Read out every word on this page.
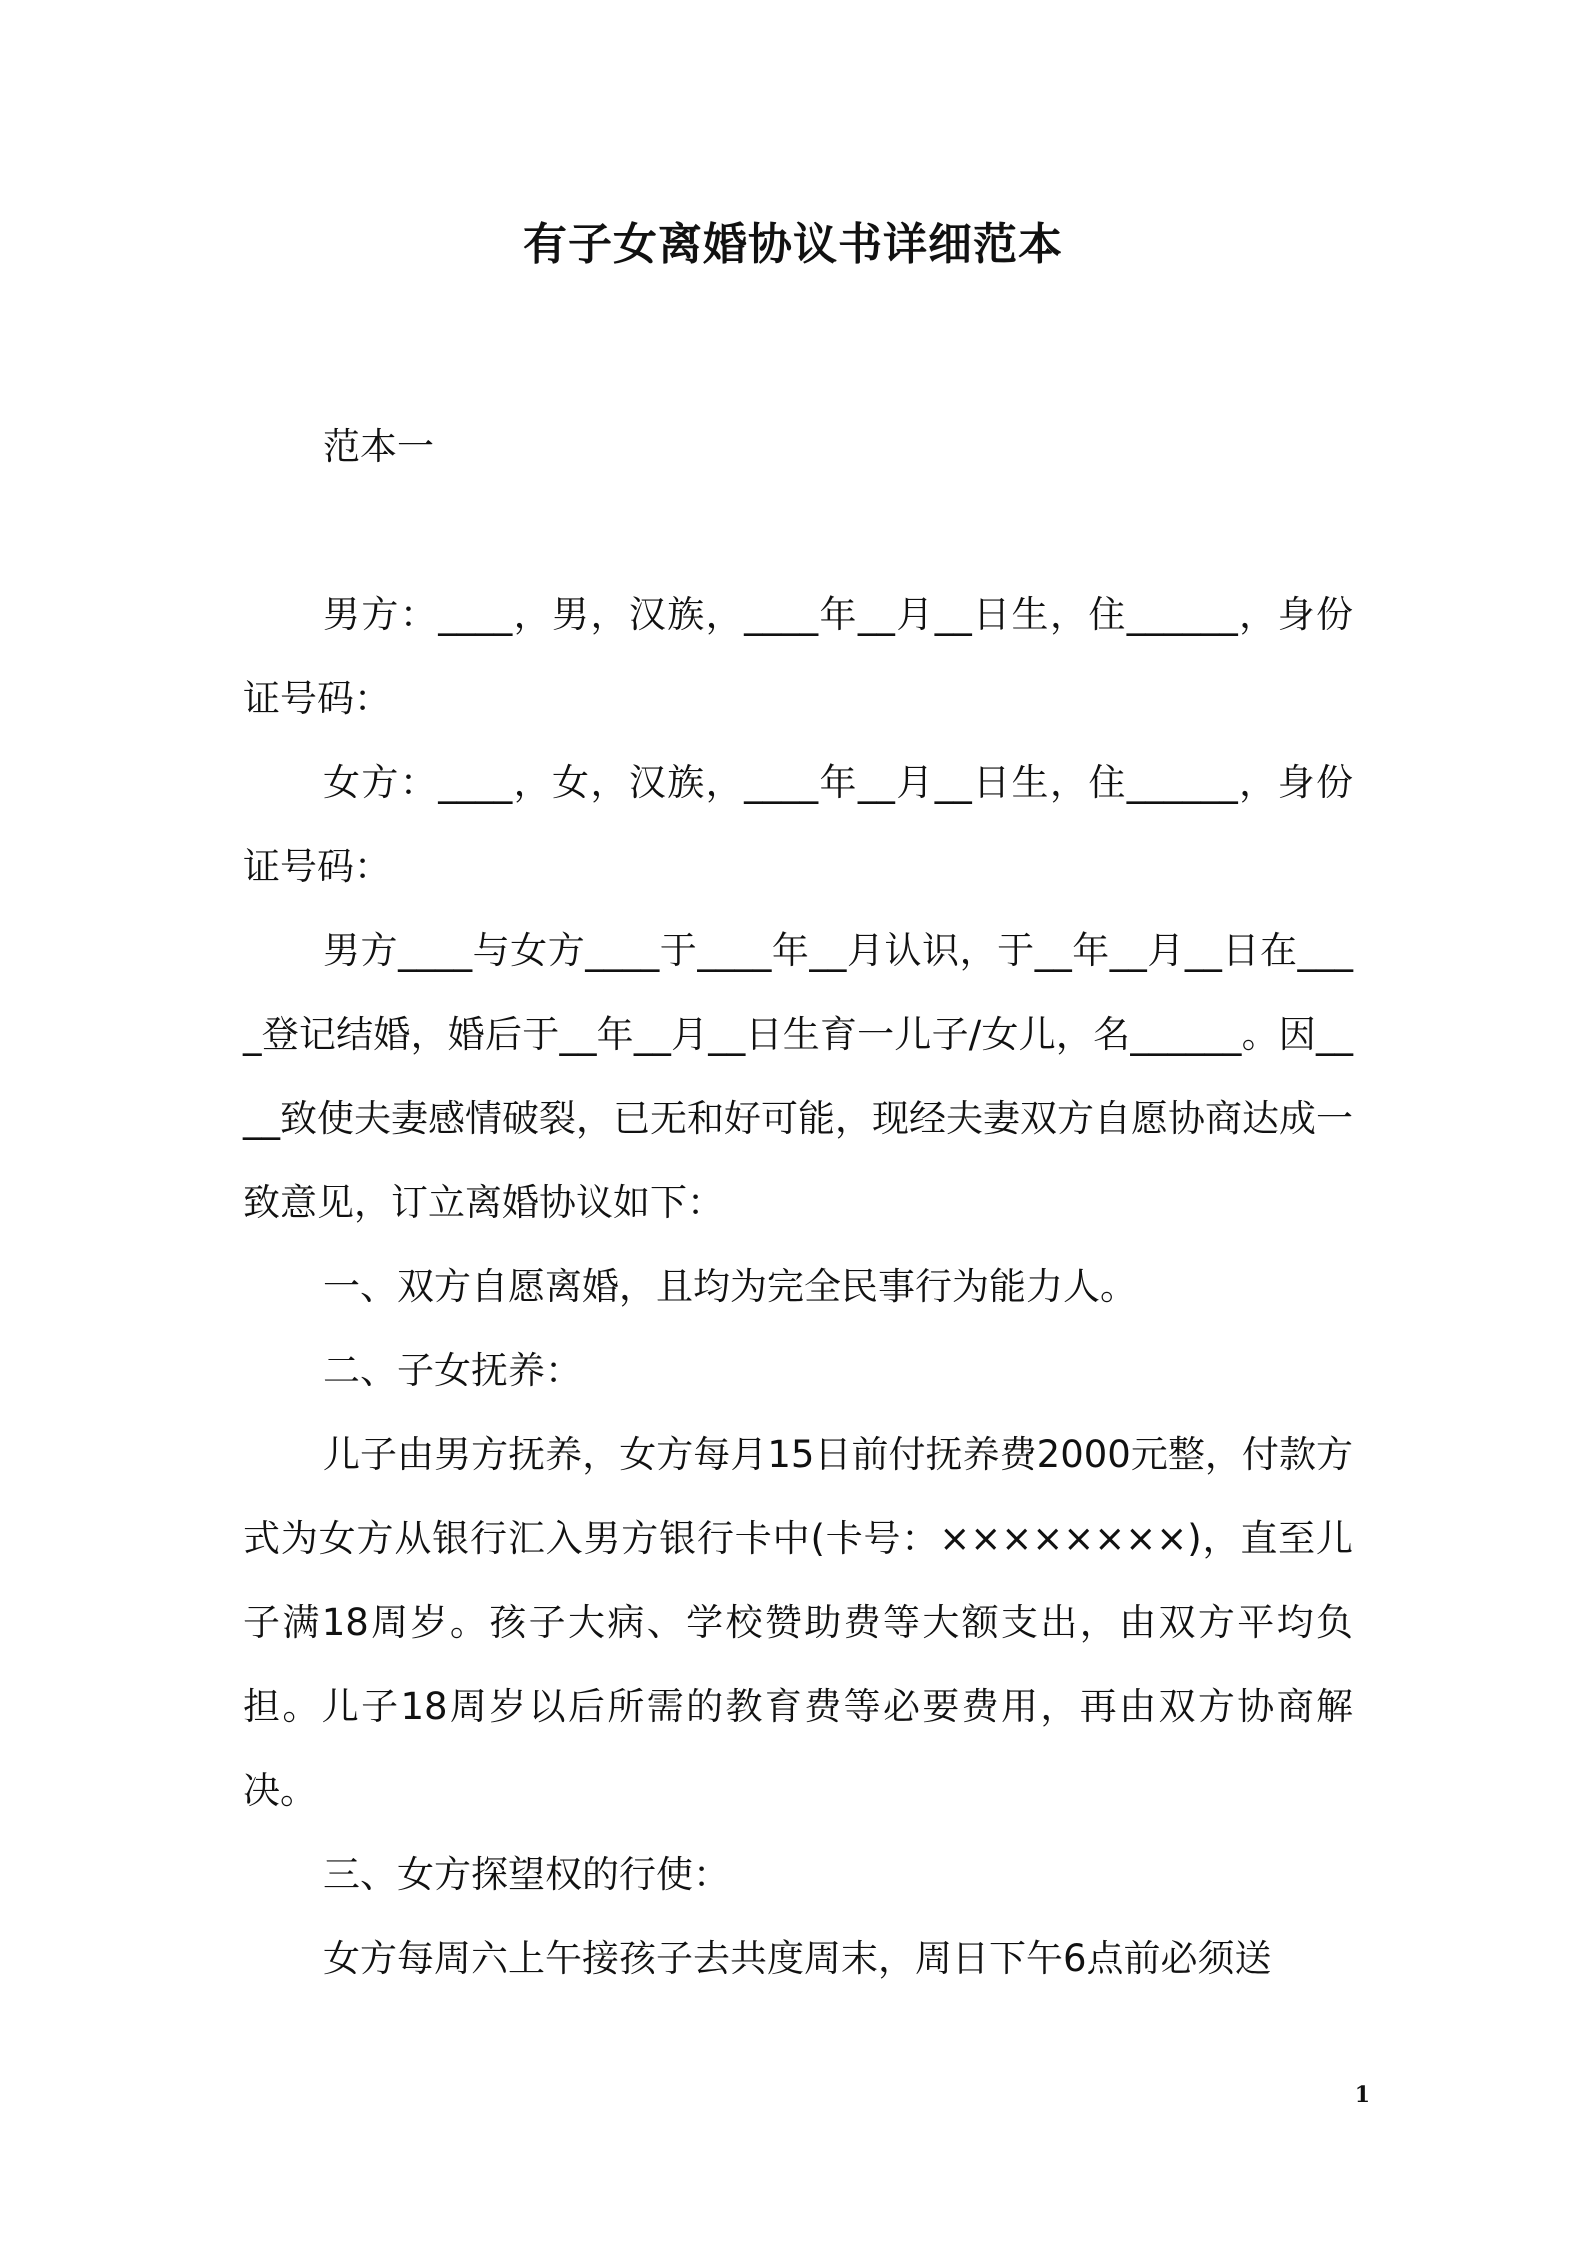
有子女离婚协议书详细范本

范本一

男方：____，男，汉族，____年__月__日生，住______，身份证号码：

女方：____，女，汉族，____年__月__日生，住______，身份证号码：

男方____与女方____于____年__月认识，于__年__月__日在____登记结婚，婚后于__年__月__日生育一儿子/女儿，名______。因____致使夫妻感情破裂，已无和好可能，现经夫妻双方自愿协商达成一致意见，订立离婚协议如下：

一、双方自愿离婚，且均为完全民事行为能力人。

二、子女抚养：

儿子由男方抚养，女方每月15日前付抚养费2000元整，付款方式为女方从银行汇入男方银行卡中(卡号：××××××××)，直至儿子满18周岁。孩子大病、学校赞助费等大额支出，由双方平均负担。儿子18周岁以后所需的教育费等必要费用，再由双方协商解决。

三、女方探望权的行使：

女方每周六上午接孩子去共度周末，周日下午6点前必须送

1
